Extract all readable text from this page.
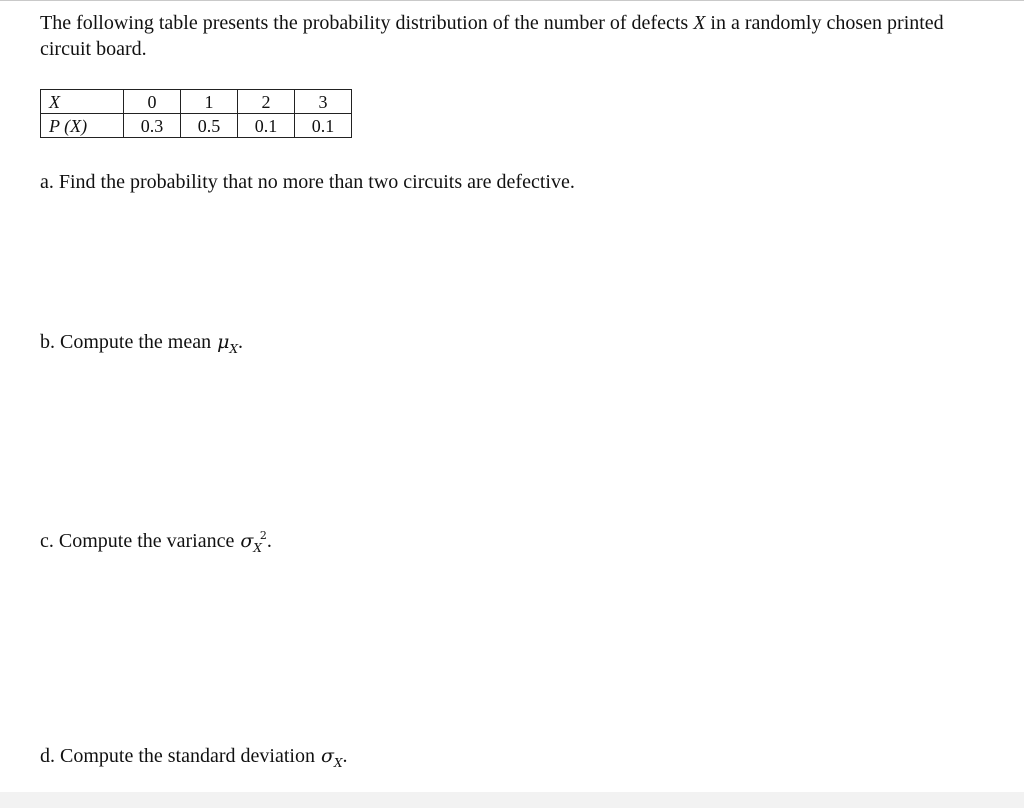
The following table presents the probability distribution of the number of defects X in a randomly chosen printed circuit board.

X	0	1	2	3
P (X)	0.3	0.5	0.1	0.1

a. Find the probability that no more than two circuits are defective.

b. Compute the mean $\mu_X$.

c. Compute the variance $\sigma_X^2$.

d. Compute the standard deviation $\sigma_X$.
